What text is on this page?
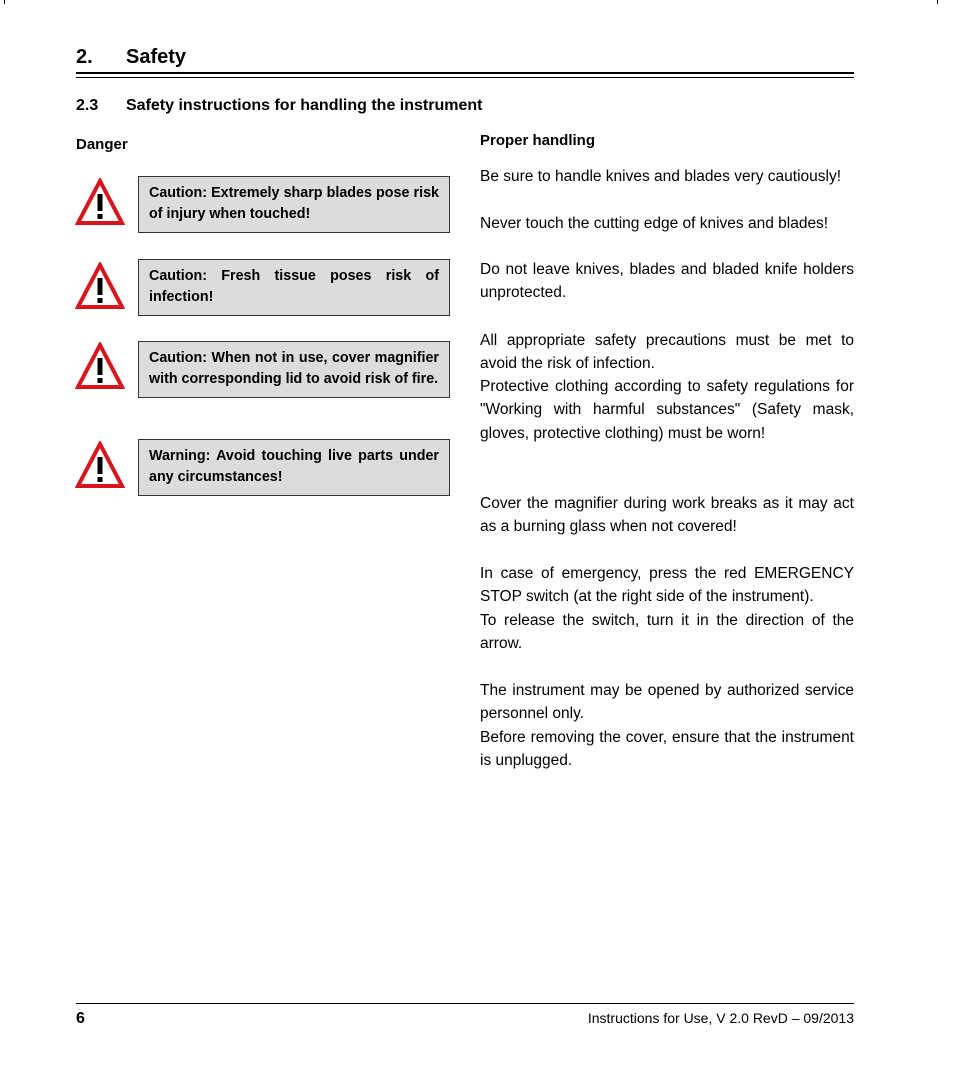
2. Safety
2.3 Safety instructions for handling the instrument
Danger
Caution: Extremely sharp blades pose risk of injury when touched!
Caution: Fresh tissue poses risk of infection!
Caution: When not in use, cover magnifier with corresponding lid to avoid risk of fire.
Warning: Avoid touching live parts under any circumstances!
Proper handling
Be sure to handle knives and blades very cautiously!
Never touch the cutting edge of knives and blades!
Do not leave knives, blades and bladed knife holders unprotected.
All appropriate safety precautions must be met to avoid the risk of infection.
Protective clothing according to safety regulations for "Working with harmful substances" (Safety mask, gloves, protective clothing) must be worn!
Cover the magnifier during work breaks as it may act as a burning glass when not covered!
In case of emergency, press the red EMERGENCY STOP switch (at the right side of the instrument).
To release the switch, turn it in the direction of the arrow.
The instrument may be opened by authorized service personnel only.
Before removing the cover, ensure that the instrument is unplugged.
6	Instructions for Use, V 2.0 RevD – 09/2013
